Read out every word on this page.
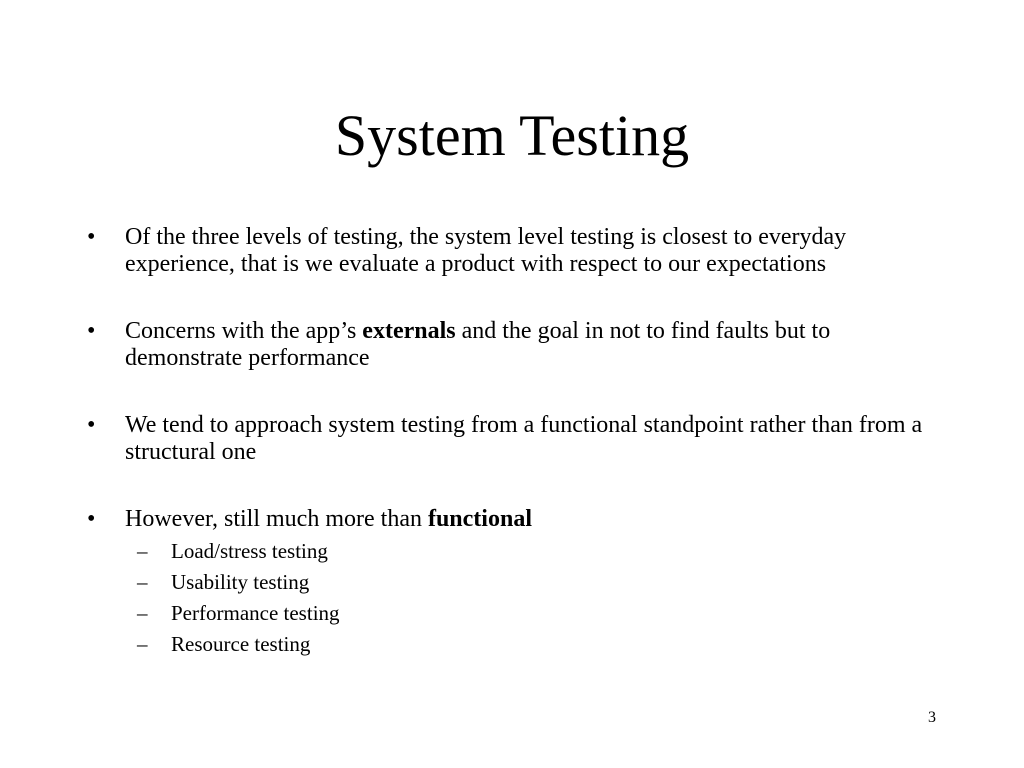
System Testing
• Of the three levels of testing, the system level testing is closest to everyday experience, that is we evaluate a product with respect to our expectations
• Concerns with the app’s externals and the goal in not to find faults but to demonstrate performance
• We tend to approach system testing from a functional standpoint rather than from a structural one
• However, still much more than functional
– Load/stress testing
– Usability testing
– Performance testing
– Resource testing
3
